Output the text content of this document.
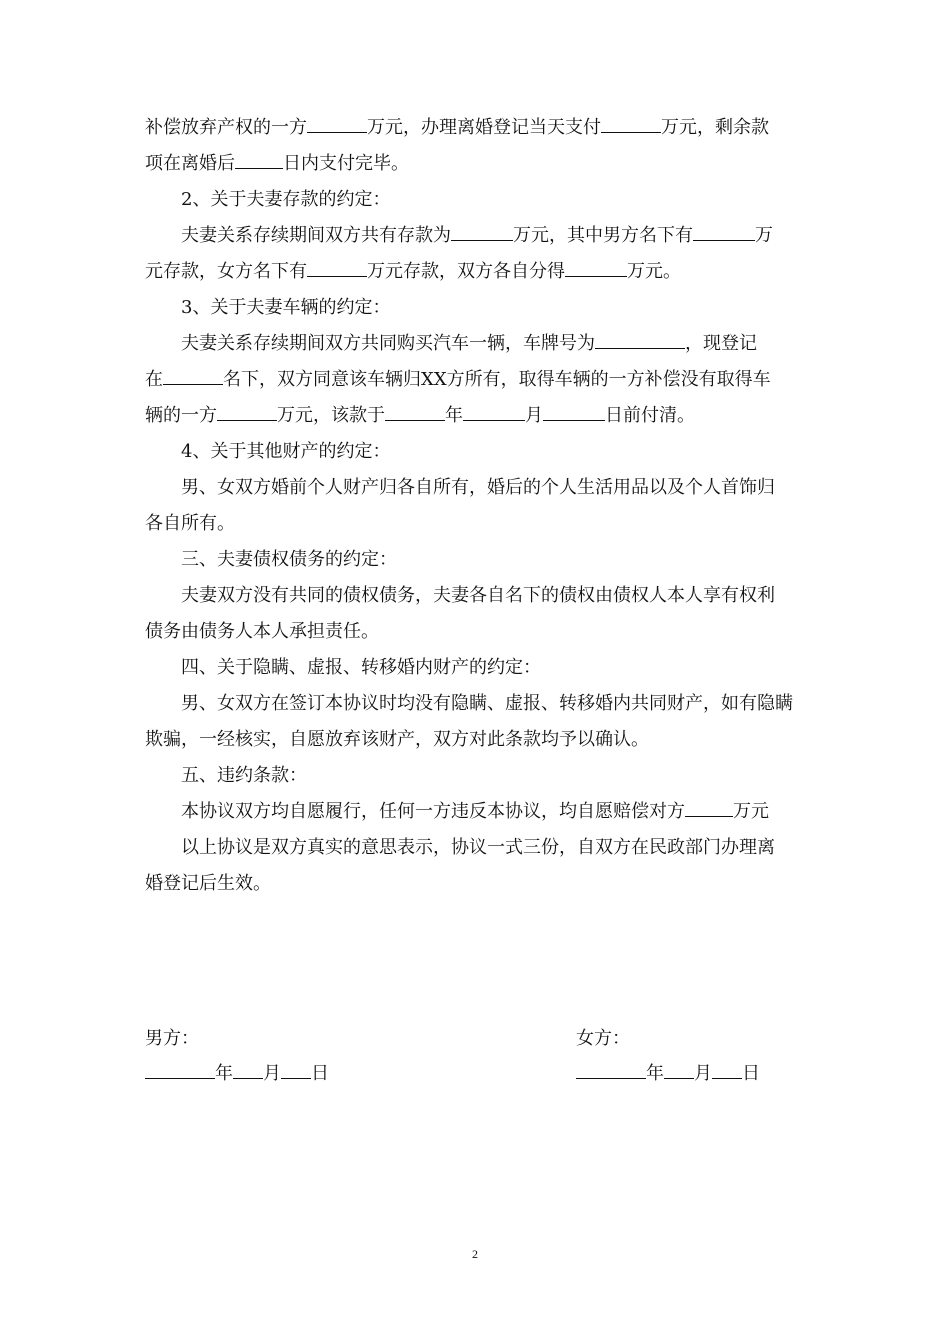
补偿放弃产权的一方	万元，办理离婚登记当天支付	万元，剩余款

项在离婚后	日内支付完毕。

2、关于夫妻存款的约定：

夫妻关系存续期间双方共有存款为	万元，其中男方名下有	万

元存款，女方名下有	万元存款，双方各自分得	万元。

3、关于夫妻车辆的约定：

夫妻关系存续期间双方共同购买汽车一辆，车牌号为	，现登记

在	名下，双方同意该车辆归XX方所有，取得车辆的一方补偿没有取得车

辆的一方	万元，该款于	年	月	日前付清。

4、关于其他财产的约定：

男、女双方婚前个人财产归各自所有，婚后的个人生活用品以及个人首饰归

各自所有。

三、夫妻债权债务的约定：

夫妻双方没有共同的债权债务，夫妻各自名下的债权由债权人本人享有权利

债务由债务人本人承担责任。

四、关于隐瞒、虚报、转移婚内财产的约定：

男、女双方在签订本协议时均没有隐瞒、虚报、转移婚内共同财产，如有隐瞒

欺骗，一经核实，自愿放弃该财产，双方对此条款均予以确认。

五、违约条款：

本协议双方均自愿履行，任何一方违反本协议，均自愿赔偿对方	万元

以上协议是双方真实的意思表示，协议一式三份，自双方在民政部门办理离

婚登记后生效。

男方：
年 月 日
女方：
年 月 日
2
